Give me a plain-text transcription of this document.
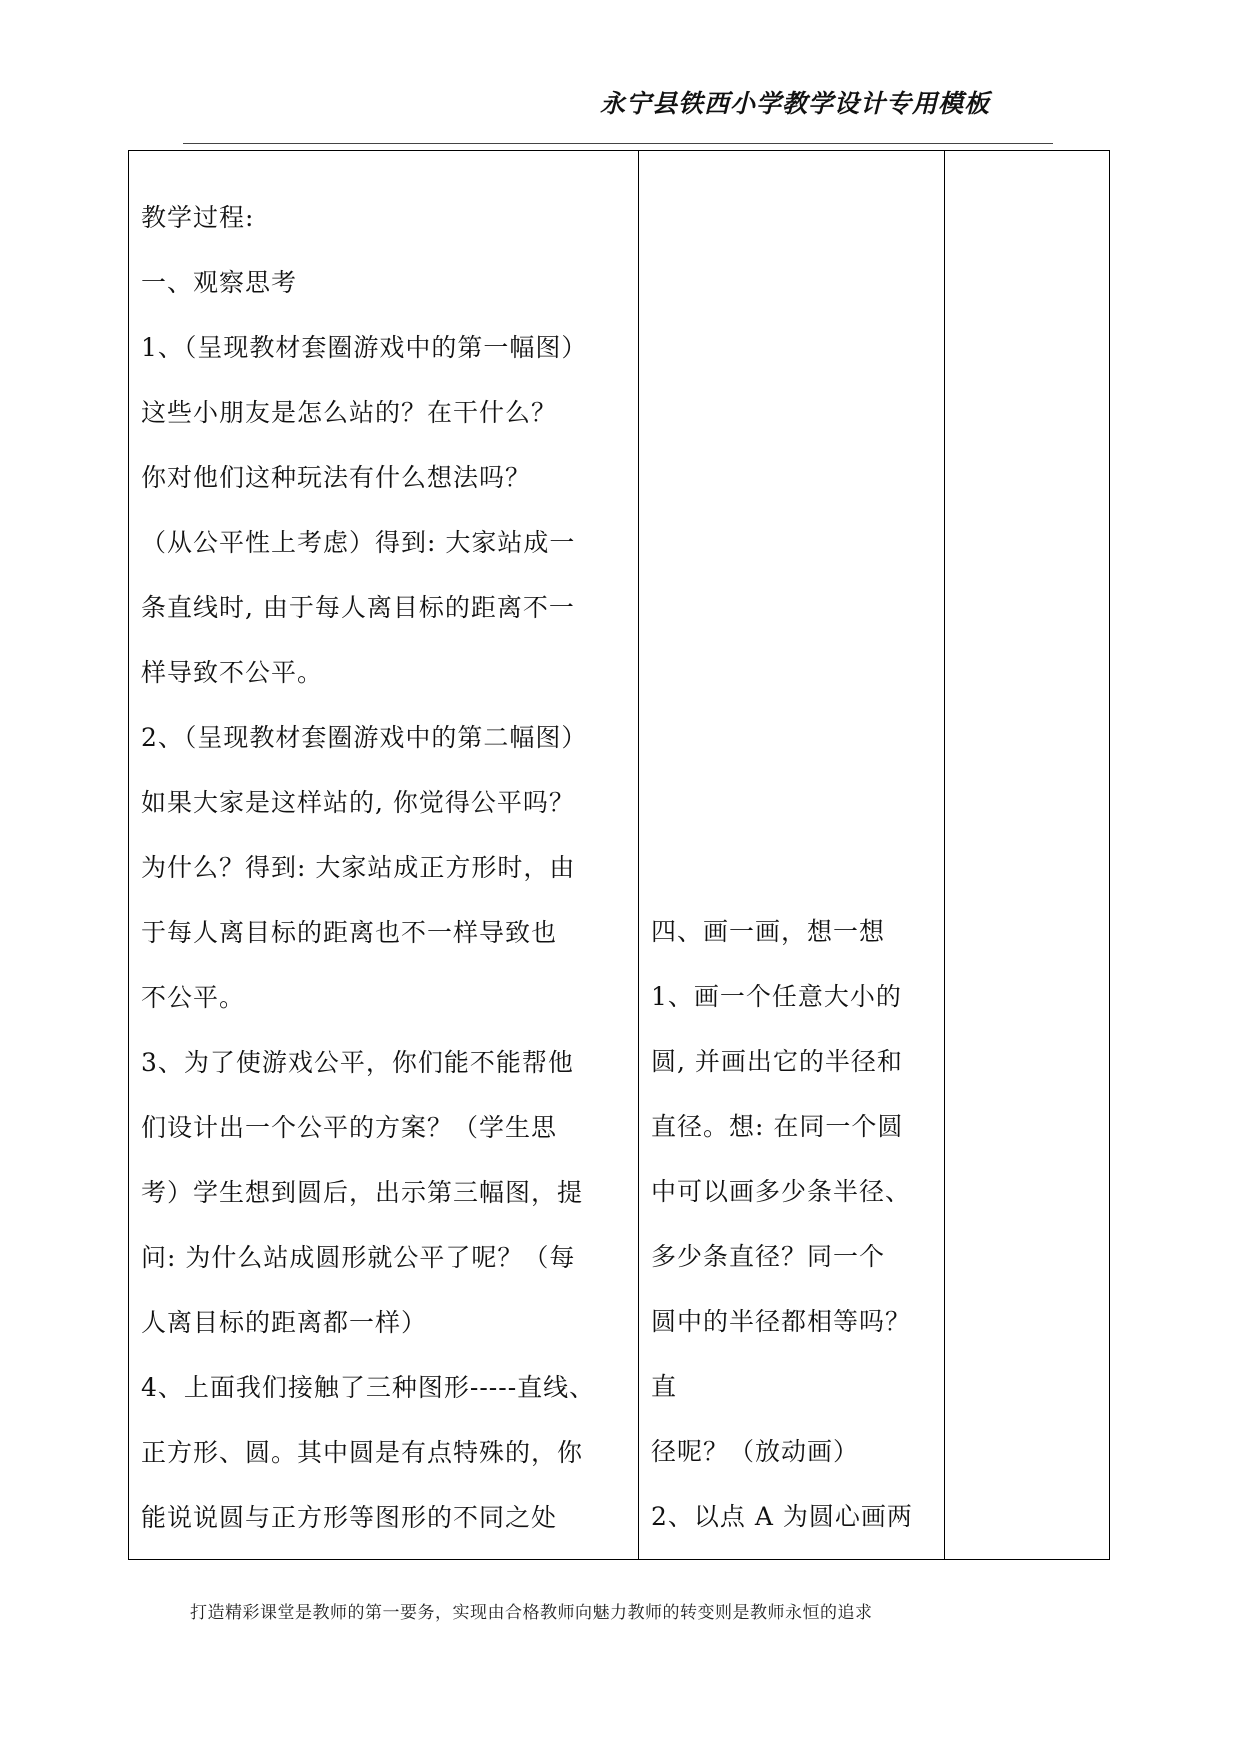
永宁县铁西小学教学设计专用模板
教学过程:
一、观察思考
1、（呈现教材套圈游戏中的第一幅图）
这些小朋友是怎么站的？在干什么？
你对他们这种玩法有什么想法吗？
（从公平性上考虑）得到: 大家站成一
条直线时, 由于每人离目标的距离不一
样导致不公平。
2、（呈现教材套圈游戏中的第二幅图）
如果大家是这样站的, 你觉得公平吗？
为什么？得到: 大家站成正方形时，由
于每人离目标的距离也不一样导致也
不公平。
3、为了使游戏公平，你们能不能帮他
们设计出一个公平的方案？（学生思
考）学生想到圆后，出示第三幅图，提
问: 为什么站成圆形就公平了呢？（每
人离目标的距离都一样）
4、上面我们接触了三种图形-----直线、
正方形、圆。其中圆是有点特殊的，你
能说说圆与正方形等图形的不同之处
四、画一画，想一想
1、画一个任意大小的
圆, 并画出它的半径和
直径。想: 在同一个圆
中可以画多少条半径、
多少条直径？同一个
圆中的半径都相等吗？
直
径呢？（放动画）
2、以点 A 为圆心画两
打造精彩课堂是教师的第一要务，实现由合格教师向魅力教师的转变则是教师永恒的追求
